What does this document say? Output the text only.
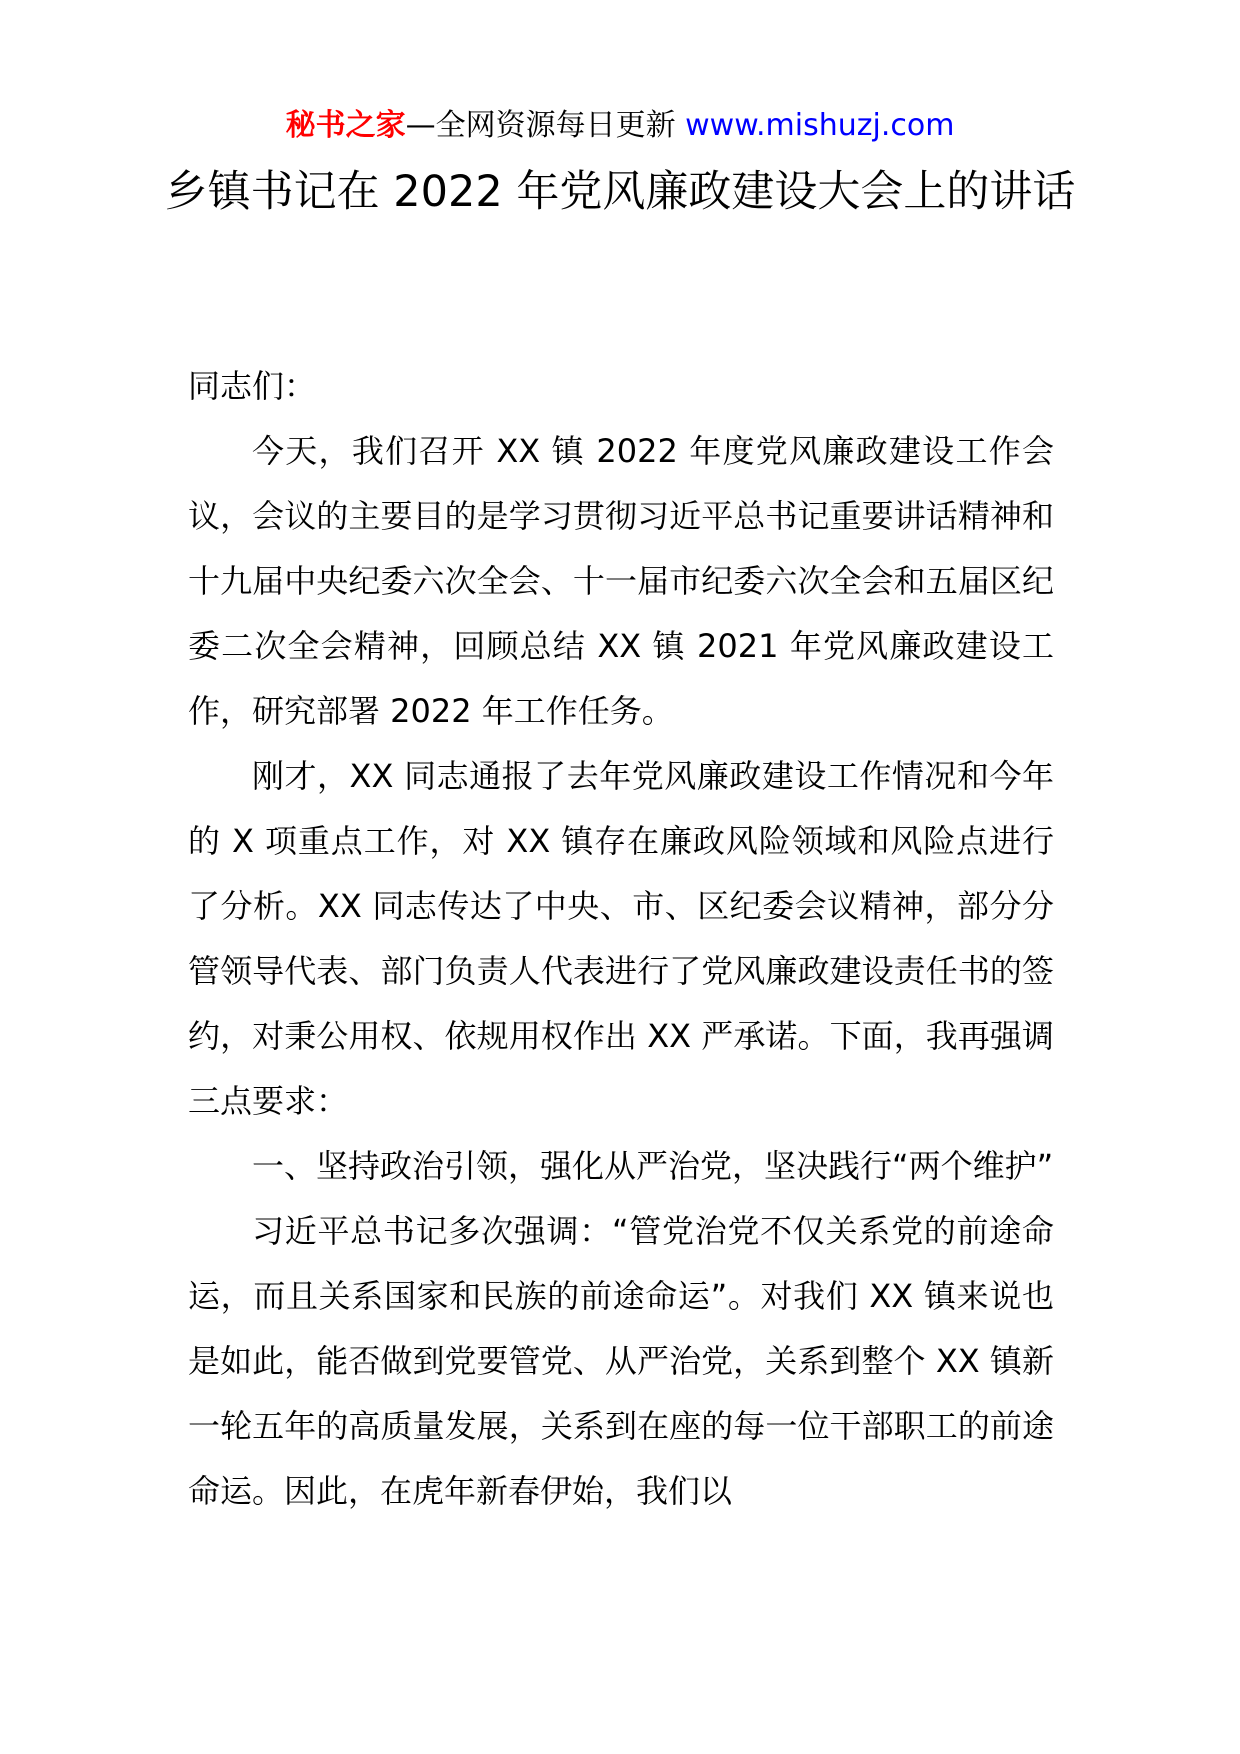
秘书之家—全网资源每日更新 www.mishuzj.com
乡镇书记在 2022 年党风廉政建设大会上的讲话

同志们：

今天，我们召开 XX 镇 2022 年度党风廉政建设工作会议，会议的主要目的是学习贯彻习近平总书记重要讲话精神和十九届中央纪委六次全会、十一届市纪委六次全会和五届区纪委二次全会精神，回顾总结 XX 镇 2021 年党风廉政建设工作，研究部署 2022 年工作任务。

刚才，XX 同志通报了去年党风廉政建设工作情况和今年的 X 项重点工作，对 XX 镇存在廉政风险领域和风险点进行了分析。XX 同志传达了中央、市、区纪委会议精神，部分分管领导代表、部门负责人代表进行了党风廉政建设责任书的签约，对秉公用权、依规用权作出 XX 严承诺。下面，我再强调三点要求：

一、坚持政治引领，强化从严治党，坚决践行“两个维护”

习近平总书记多次强调：“管党治党不仅关系党的前途命运，而且关系国家和民族的前途命运”。对我们 XX 镇来说也是如此，能否做到党要管党、从严治党，关系到整个 XX 镇新一轮五年的高质量发展，关系到在座的每一位干部职工的前途命运。因此，在虎年新春伊始，我们以
